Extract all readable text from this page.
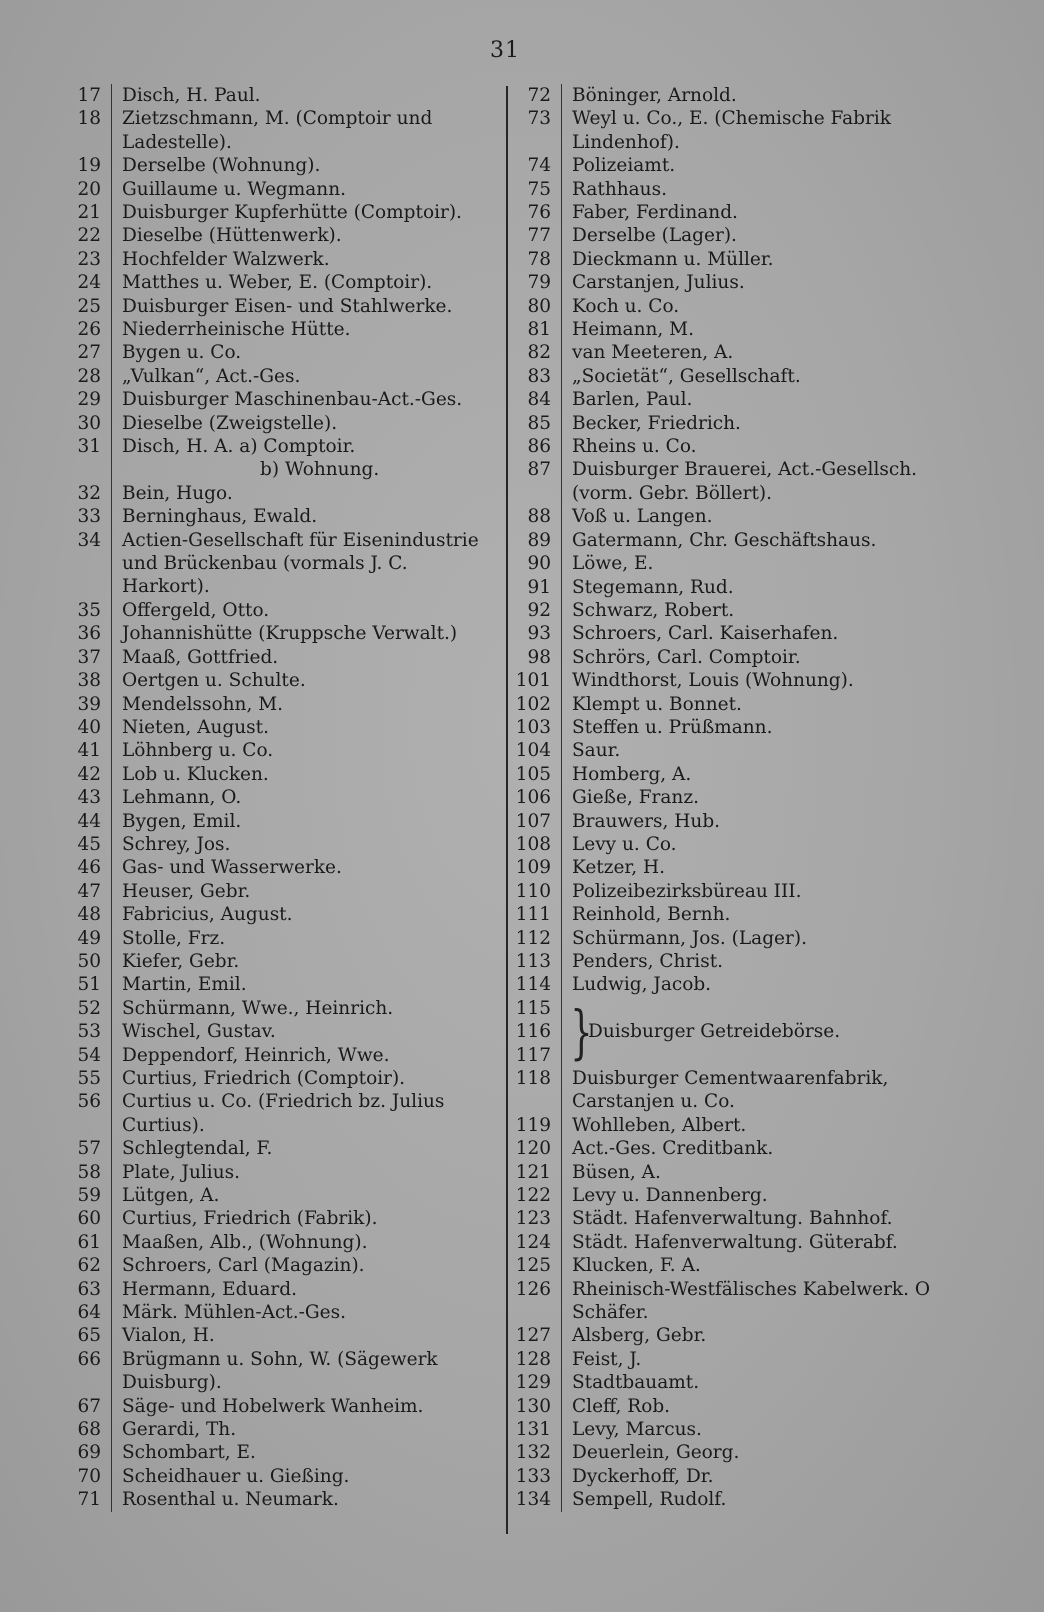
31
17	Disch, H. Paul.
18	Zietzschmann, M. (Comptoir und
Ladestelle).
19	Derselbe (Wohnung).
20	Guillaume u. Wegmann.
21	Duisburger Kupferhütte (Comptoir).
22	Dieselbe (Hüttenwerk).
23	Hochfelder Walzwerk.
24	Matthes u. Weber, E. (Comptoir).
25	Duisburger Eisen- und Stahlwerke.
26	Niederrheinische Hütte.
27	Bygen u. Co.
28	„Vulkan“, Act.-Ges.
29	Duisburger Maschinenbau-Act.-Ges.
30	Dieselbe (Zweigstelle).
31	Disch, H. A. a) Comptoir.
b) Wohnung.
32	Bein, Hugo.
33	Berninghaus, Ewald.
34	Actien-Gesellschaft für Eisenindustrie
und Brückenbau (vormals J. C.
Harkort).
35	Offergeld, Otto.
36	Johannishütte (Kruppsche Verwalt.)
37	Maaß, Gottfried.
38	Oertgen u. Schulte.
39	Mendelssohn, M.
40	Nieten, August.
41	Löhnberg u. Co.
42	Lob u. Klucken.
43	Lehmann, O.
44	Bygen, Emil.
45	Schrey, Jos.
46	Gas- und Wasserwerke.
47	Heuser, Gebr.
48	Fabricius, August.
49	Stolle, Frz.
50	Kiefer, Gebr.
51	Martin, Emil.
52	Schürmann, Wwe., Heinrich.
53	Wischel, Gustav.
54	Deppendorf, Heinrich, Wwe.
55	Curtius, Friedrich (Comptoir).
56	Curtius u. Co. (Friedrich bz. Julius
Curtius).
57	Schlegtendal, F.
58	Plate, Julius.
59	Lütgen, A.
60	Curtius, Friedrich (Fabrik).
61	Maaßen, Alb., (Wohnung).
62	Schroers, Carl (Magazin).
63	Hermann, Eduard.
64	Märk. Mühlen-Act.-Ges.
65	Vialon, H.
66	Brügmann u. Sohn, W. (Sägewerk
Duisburg).
67	Säge- und Hobelwerk Wanheim.
68	Gerardi, Th.
69	Schombart, E.
70	Scheidhauer u. Gießing.
71	Rosenthal u. Neumark.
72	Böninger, Arnold.
73	Weyl u. Co., E. (Chemische Fabrik
Lindenhof).
74	Polizeiamt.
75	Rathhaus.
76	Faber, Ferdinand.
77	Derselbe (Lager).
78	Dieckmann u. Müller.
79	Carstanjen, Julius.
80	Koch u. Co.
81	Heimann, M.
82	van Meeteren, A.
83	„Societät“, Gesellschaft.
84	Barlen, Paul.
85	Becker, Friedrich.
86	Rheins u. Co.
87	Duisburger Brauerei, Act.-Gesellsch.
(vorm. Gebr. Böllert).
88	Voß u. Langen.
89	Gatermann, Chr. Geschäftshaus.
90	Löwe, E.
91	Stegemann, Rud.
92	Schwarz, Robert.
93	Schroers, Carl. Kaiserhafen.
98	Schrörs, Carl. Comptoir.
101	Windthorst, Louis (Wohnung).
102	Klempt u. Bonnet.
103	Steffen u. Prüßmann.
104	Saur.
105	Homberg, A.
106	Gieße, Franz.
107	Brauwers, Hub.
108	Levy u. Co.
109	Ketzer, H.
110	Polizeibezirksbüreau III.
111	Reinhold, Bernh.
112	Schürmann, Jos. (Lager).
113	Penders, Christ.
114	Ludwig, Jacob.
115
116
117 }
Duisburger Getreidebörse.
118	Duisburger Cementwaarenfabrik,
Carstanjen u. Co.
119	Wohlleben, Albert.
120	Act.-Ges. Creditbank.
121	Büsen, A.
122	Levy u. Dannenberg.
123	Städt. Hafenverwaltung. Bahnhof.
124	Städt. Hafenverwaltung. Güterabf.
125	Klucken, F. A.
126	Rheinisch-Westfälisches Kabelwerk. O
Schäfer.
127	Alsberg, Gebr.
128	Feist, J.
129	Stadtbauamt.
130	Cleff, Rob.
131	Levy, Marcus.
132	Deuerlein, Georg.
133	Dyckerhoff, Dr.
134	Sempell, Rudolf.
